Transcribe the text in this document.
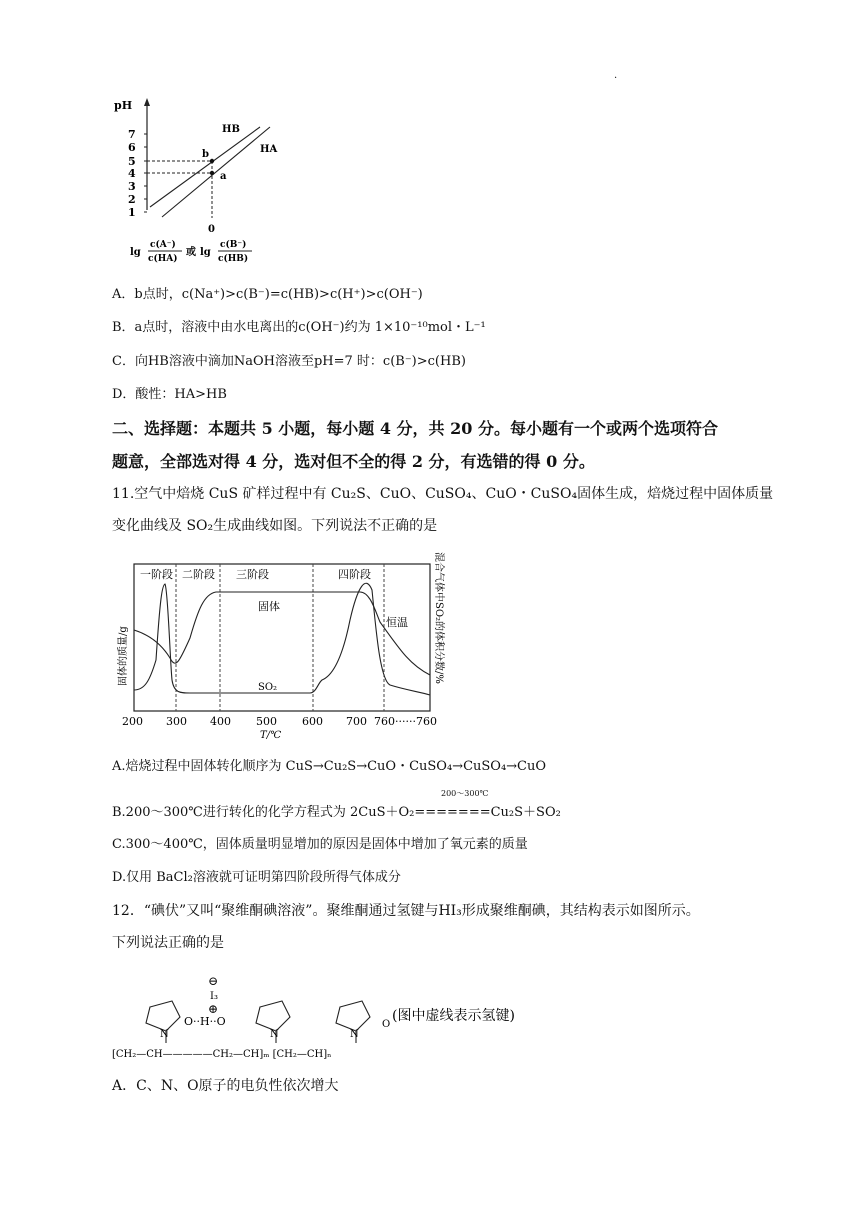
.
pH
7
6
5
4
3
2
1
HB
HA
b
a
0
lg
c(A⁻)
c(HA)
或 lg
c(B⁻)
c(HB)
A．b点时，c(Na⁺)>c(B⁻)=c(HB)>c(H⁺)>c(OH⁻)
B．a点时，溶液中由水电离出的c(OH⁻)约为 1×10⁻¹⁰mol・L⁻¹
C．向HB溶液中滴加NaOH溶液至pH=7 时：c(B⁻)>c(HB)
D．酸性：HA>HB
二、选择题：本题共 5 小题，每小题 4 分，共 20 分。每小题有一个或两个选项符合
题意，全部选对得 4 分，选对但不全的得 2 分，有选错的得 0 分。
11.空气中焙烧 CuS 矿样过程中有 Cu₂S、CuO、CuSO₄、CuO・CuSO₄固体生成，焙烧过程中固体质量
变化曲线及 SO₂生成曲线如图。下列说法不正确的是
一阶段 二阶段 三阶段	四阶段
固体
SO₂
恒温
固体的质量/g	混合气体中SO₂的体积分数/%
200 300 400 500 600 700 760······760
T/℃
A.焙烧过程中固体转化顺序为 CuS→Cu₂S→CuO・CuSO₄→CuSO₄→CuO
200～300℃
B.200～300℃进行转化的化学方程式为 2CuS＋O₂=======Cu₂S＋SO₂
C.300～400℃，固体质量明显增加的原因是固体中增加了氧元素的质量
D.仅用 BaCl₂溶液就可证明第四阶段所得气体成分
12．“碘伏”又叫“聚维酮碘溶液”。聚维酮通过氢键与HI₃形成聚维酮碘，其结构表示如图所示。
下列说法正确的是
⊖
I₃
⊕
N	N	N
O
O··H··O
[CH₂—CH—————CH₂—CH]ₘ [CH₂—CH]ₙ
(图中虚线表示氢键)
A．C、N、O原子的电负性依次增大
